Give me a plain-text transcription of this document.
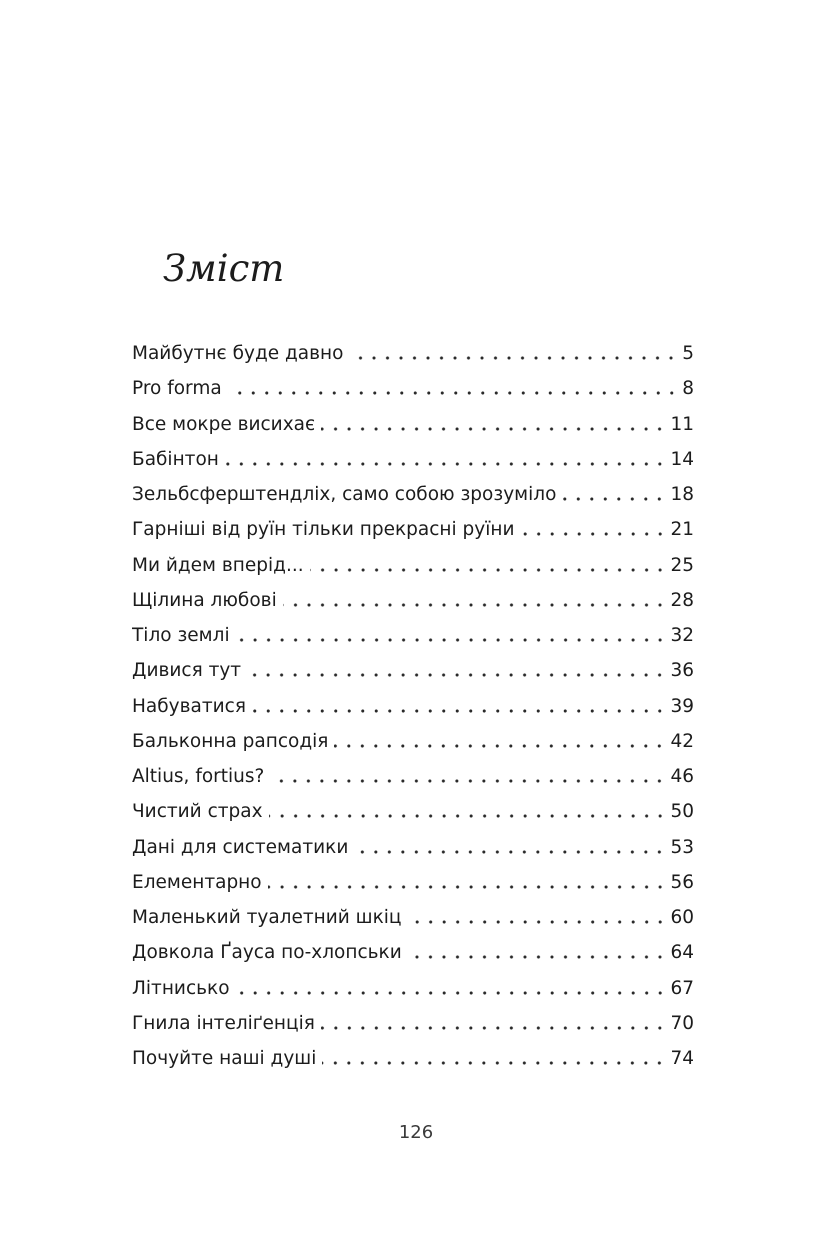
Зміст
Майбутнє буде давно	5
Pro forma	8
Все мокре висихає	11
Бабінтон	14
Зельбсферштендліх, само собою зрозуміло	18
Гарніші від руїн тільки прекрасні руїни	21
Ми йдем вперід...	25
Щілина любові	28
Тіло землі	32
Дивися тут	36
Набуватися	39
Бальконна рапсодія	42
Altius, fortius?	46
Чистий страх	50
Дані для систематики	53
Елементарно	56
Маленький туалетний шкіц	60
Довкола Ґауса по-хлопськи	64
Літнисько	67
Гнила інтеліґенція	70
Почуйте наші душі	74
126
